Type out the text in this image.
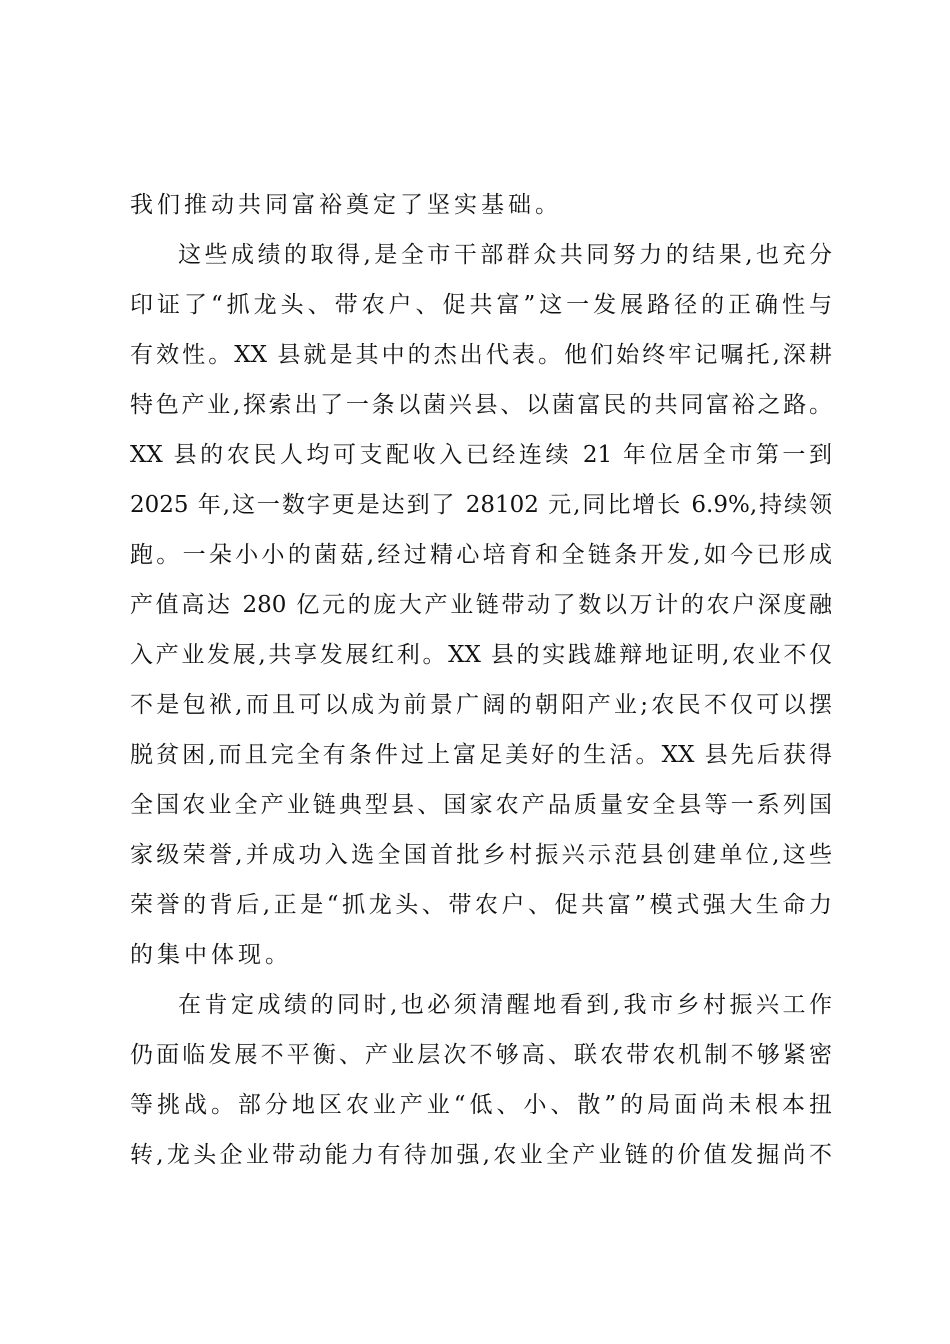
我们推动共同富裕奠定了坚实基础。
这些成绩的取得,是全市干部群众共同努力的结果,也充分
印证了“抓龙头、带农户、促共富”这一发展路径的正确性与
有效性。XX 县就是其中的杰出代表。他们始终牢记嘱托,深耕
特色产业,探索出了一条以菌兴县、以菌富民的共同富裕之路。
XX 县的农民人均可支配收入已经连续 21 年位居全市第一到
2025 年,这一数字更是达到了 28102 元,同比增长 6.9%,持续领
跑。一朵小小的菌菇,经过精心培育和全链条开发,如今已形成
产值高达 280 亿元的庞大产业链带动了数以万计的农户深度融
入产业发展,共享发展红利。XX 县的实践雄辩地证明,农业不仅
不是包袱,而且可以成为前景广阔的朝阳产业;农民不仅可以摆
脱贫困,而且完全有条件过上富足美好的生活。XX 县先后获得
全国农业全产业链典型县、国家农产品质量安全县等一系列国
家级荣誉,并成功入选全国首批乡村振兴示范县创建单位,这些
荣誉的背后,正是“抓龙头、带农户、促共富”模式强大生命力
的集中体现。
在肯定成绩的同时,也必须清醒地看到,我市乡村振兴工作
仍面临发展不平衡、产业层次不够高、联农带农机制不够紧密
等挑战。部分地区农业产业“低、小、散”的局面尚未根本扭
转,龙头企业带动能力有待加强,农业全产业链的价值发掘尚不
